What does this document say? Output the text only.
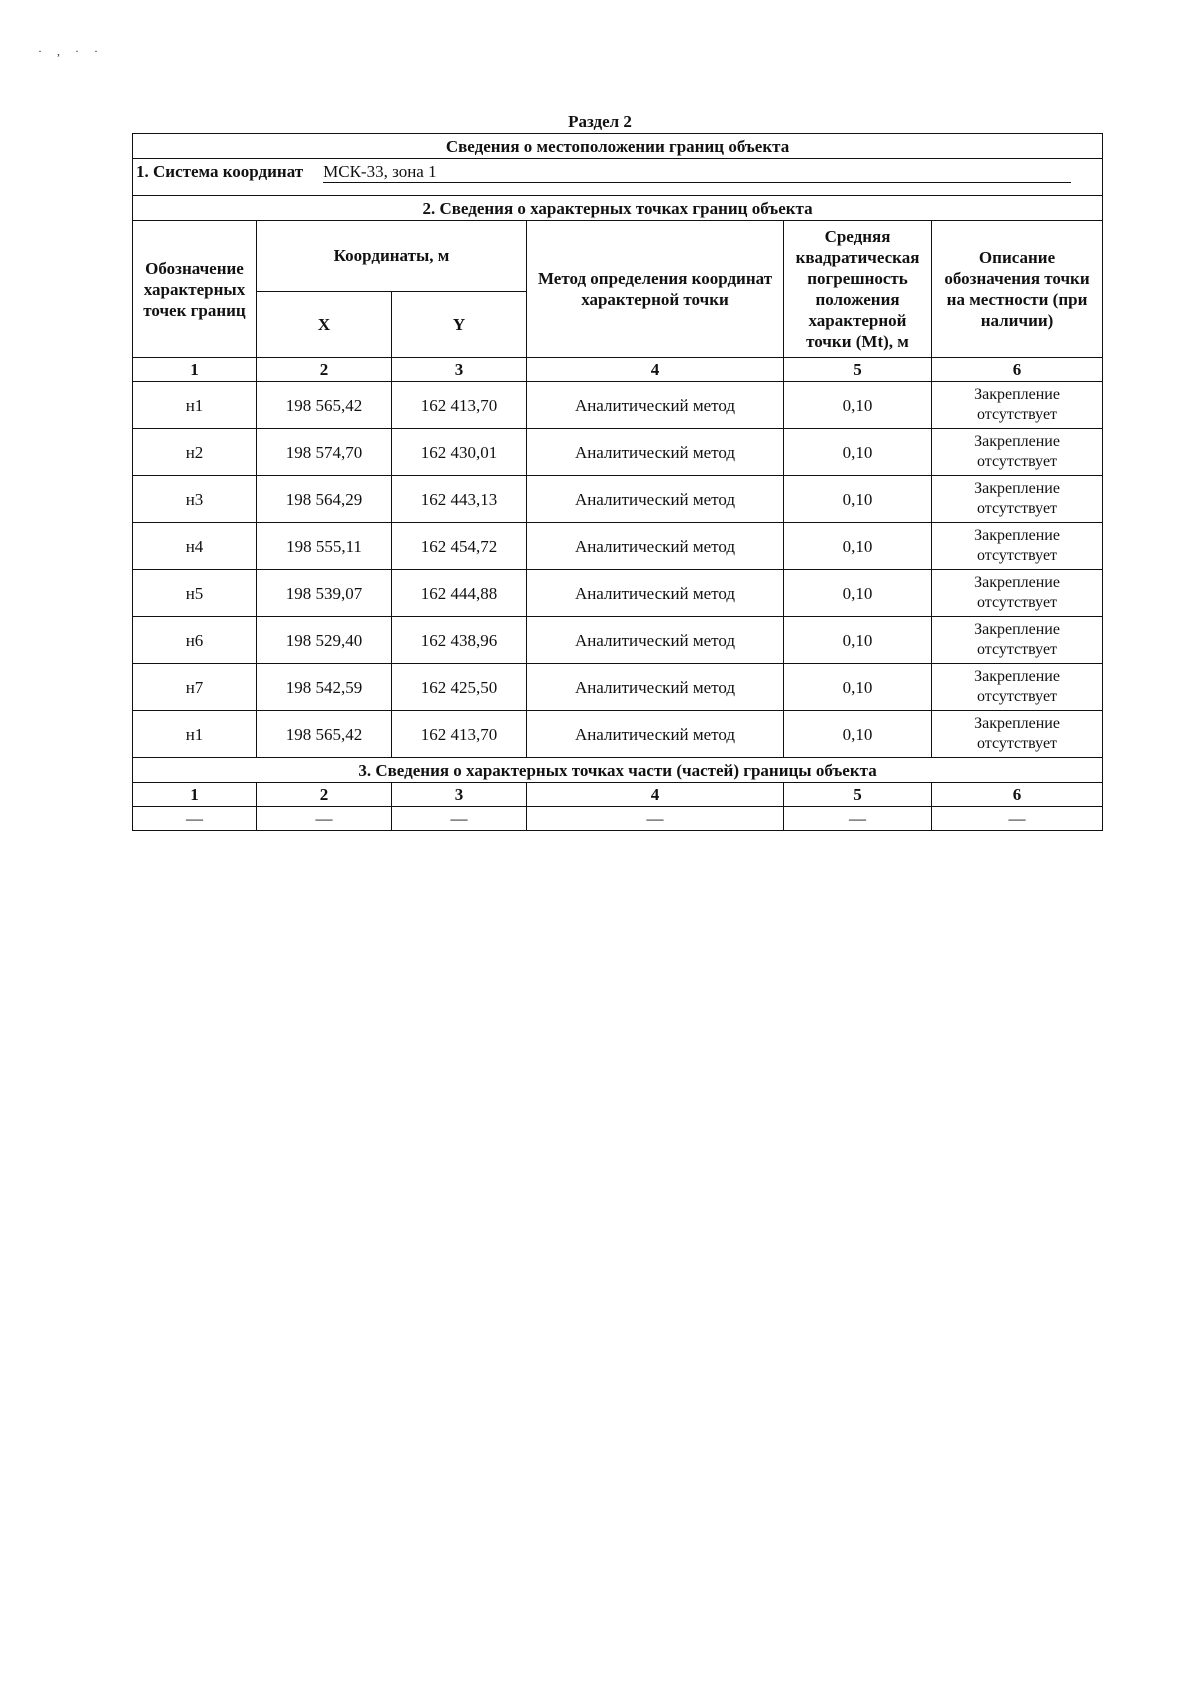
· , · ·
Раздел 2
Сведения о местоположении границ объекта					
1. Система координат МСК-33, зона 1					
2. Сведения о характерных точках границ объекта					
Обозначение характерных точек границ	Координаты, м		Метод определения координат характерной точки	Средняя квадратическая погрешность положения характерной точки (Mt), м	Описание обозначения точки на местности (при наличии)
	X	Y			
1	2	3	4	5	6
н1	198 565,42	162 413,70	Аналитический метод	0,10	Закрепление
отсутствует
н2	198 574,70	162 430,01	Аналитический метод	0,10	Закрепление
отсутствует
н3	198 564,29	162 443,13	Аналитический метод	0,10	Закрепление
отсутствует
н4	198 555,11	162 454,72	Аналитический метод	0,10	Закрепление
отсутствует
н5	198 539,07	162 444,88	Аналитический метод	0,10	Закрепление
отсутствует
н6	198 529,40	162 438,96	Аналитический метод	0,10	Закрепление
отсутствует
н7	198 542,59	162 425,50	Аналитический метод	0,10	Закрепление
отсутствует
н1	198 565,42	162 413,70	Аналитический метод	0,10	Закрепление
отсутствует
3. Сведения о характерных точках части (частей) границы объекта					
1	2	3	4	5	6
—	—	—	—	—	—
